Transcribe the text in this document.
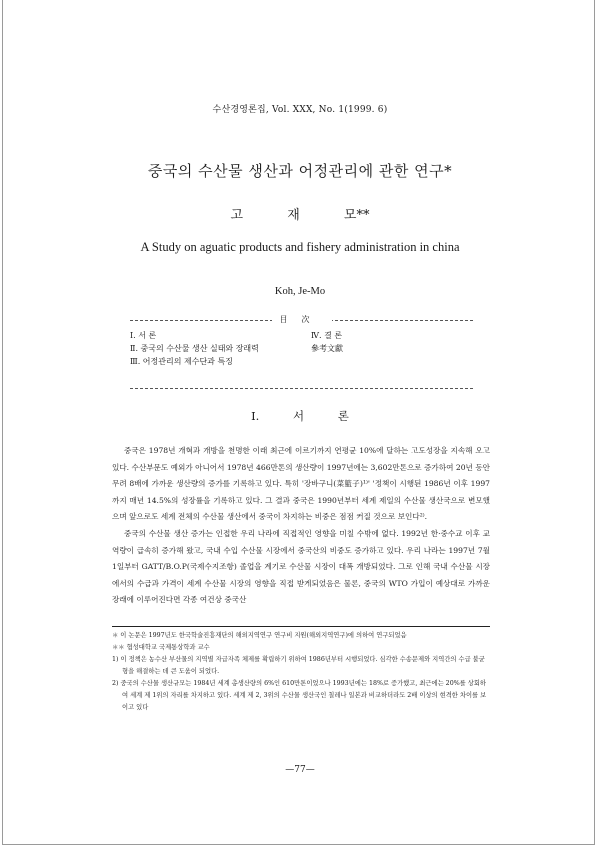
수산경영론집, Vol. XXX, No. 1(1999. 6)
중국의 수산물 생산과 어정관리에 관한 연구*
고 재 모**
A Study on aguatic products and fishery administration in china
Koh, Je-Mo
目次
Ⅰ. 서 론
Ⅱ. 중국의 수산물 생산 실태와 장래력
Ⅲ. 어정관리의 제수단과 특징
Ⅳ. 결 론
參考文獻
Ⅰ. 서 론

중국은 1978년 개혁과 개방을 천명한 이래 최근에 이르기까지 연평균 10%에 달하는 고도성장을 지속해 오고 있다. 수산부문도 예외가 아니어서 1978년 466만톤의 생산량이 1997년에는 3,602만톤으로 증가하여 20년 동안 무려 8배에 가까운 생산량의 증가를 기록하고 있다. 특히 '장바구니(菜籃子)¹⁾' '정책이 시행된 1986년 이후 1997까지 매년 14.5%의 성장률을 기록하고 있다. 그 결과 중국은 1990년부터 세계 제일의 수산물 생산국으로 변모했으며 앞으로도 세계 전체의 수산물 생산에서 중국이 차지하는 비중은 점점 커질 것으로 보인다²⁾.

중국의 수산물 생산 증가는 인접한 우리 나라에 직접적인 영향을 미칠 수밖에 없다. 1992년 한·중수교 이후 교역량이 급속히 증가해 왔고, 국내 수입 수산물 시장에서 중국산의 비중도 증가하고 있다. 우리 나라는 1997년 7월 1일부터 GATT/B.O.P(국제수지조항) 졸업을 계기로 수산물 시장이 대폭 개방되었다. 그로 인해 국내 수산물 시장에서의 수급과 가격이 세계 수산물 시장의 영향을 직접 받게되었음은 물론, 중국의 WTO 가입이 예상대로 가까운 장래에 이루어진다면 각종 여건상 중국산

＊ 이 논문은 1997년도 한국학술진흥재단의 해외지역연구 연구비 지원(해외지역연구)에 의하여 연구되었음
＊＊ 협성대학교 국제통상학과 교수
1) 이 정책은 농수산 부산물의 지역별 자급자족 체제를 확립하기 위하여 1986년부터 시행되었다. 심각한 수송문제와 지역간의 수급 불균형을 해결하는 데 큰 도움이 되었다.
2) 중국의 수산물 생산규모는 1984년 세계 총생산량의 6%인 610만톤이었으나 1993년에는 18%로 증가했고, 최근에는 20%를 상회하여 세계 제 1위의 자리를 차지하고 있다. 세계 제 2, 3위의 수산물 생산국인 칠레나 일본과 비교하더라도 2배 이상의 현격한 차이를 보이고 있다
—77—
